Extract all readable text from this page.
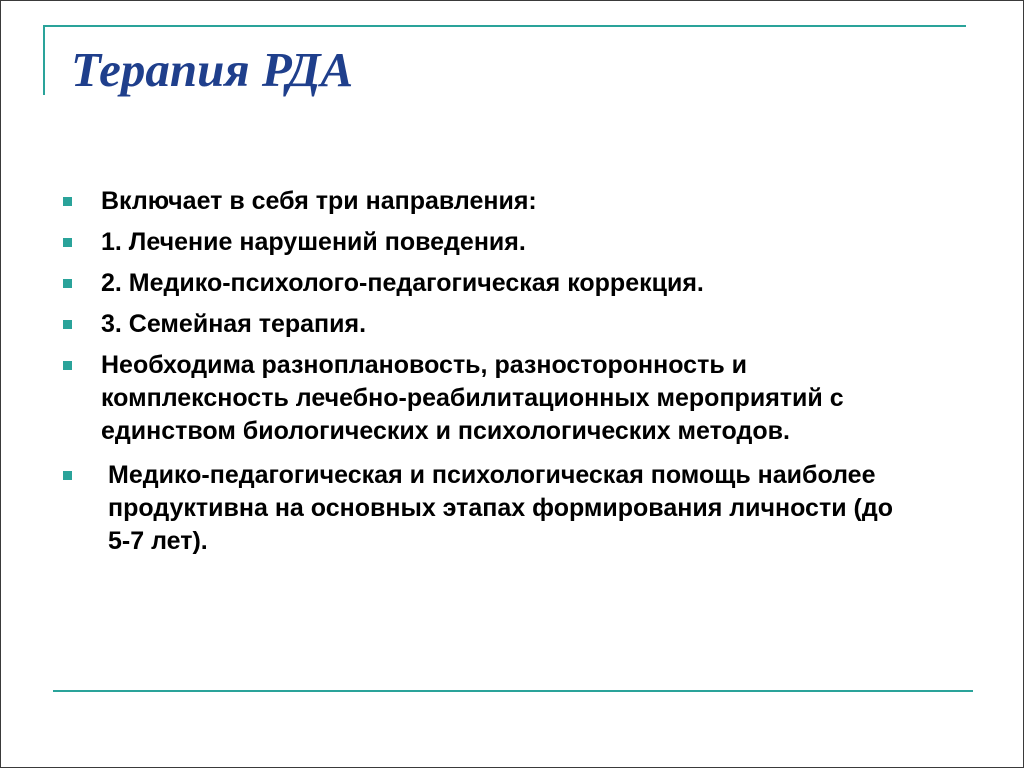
Терапия РДА
Включает в себя три направления:
1. Лечение нарушений поведения.
2. Медико-психолого-педагогическая коррекция.
3. Семейная терапия.
Необходима разноплановость, разносторонность и комплексность лечебно-реабилитационных мероприятий с единством биологических и психологических методов.
Медико-педагогическая и психологическая помощь наиболее продуктивна на основных этапах формирования личности (до 5-7 лет).
